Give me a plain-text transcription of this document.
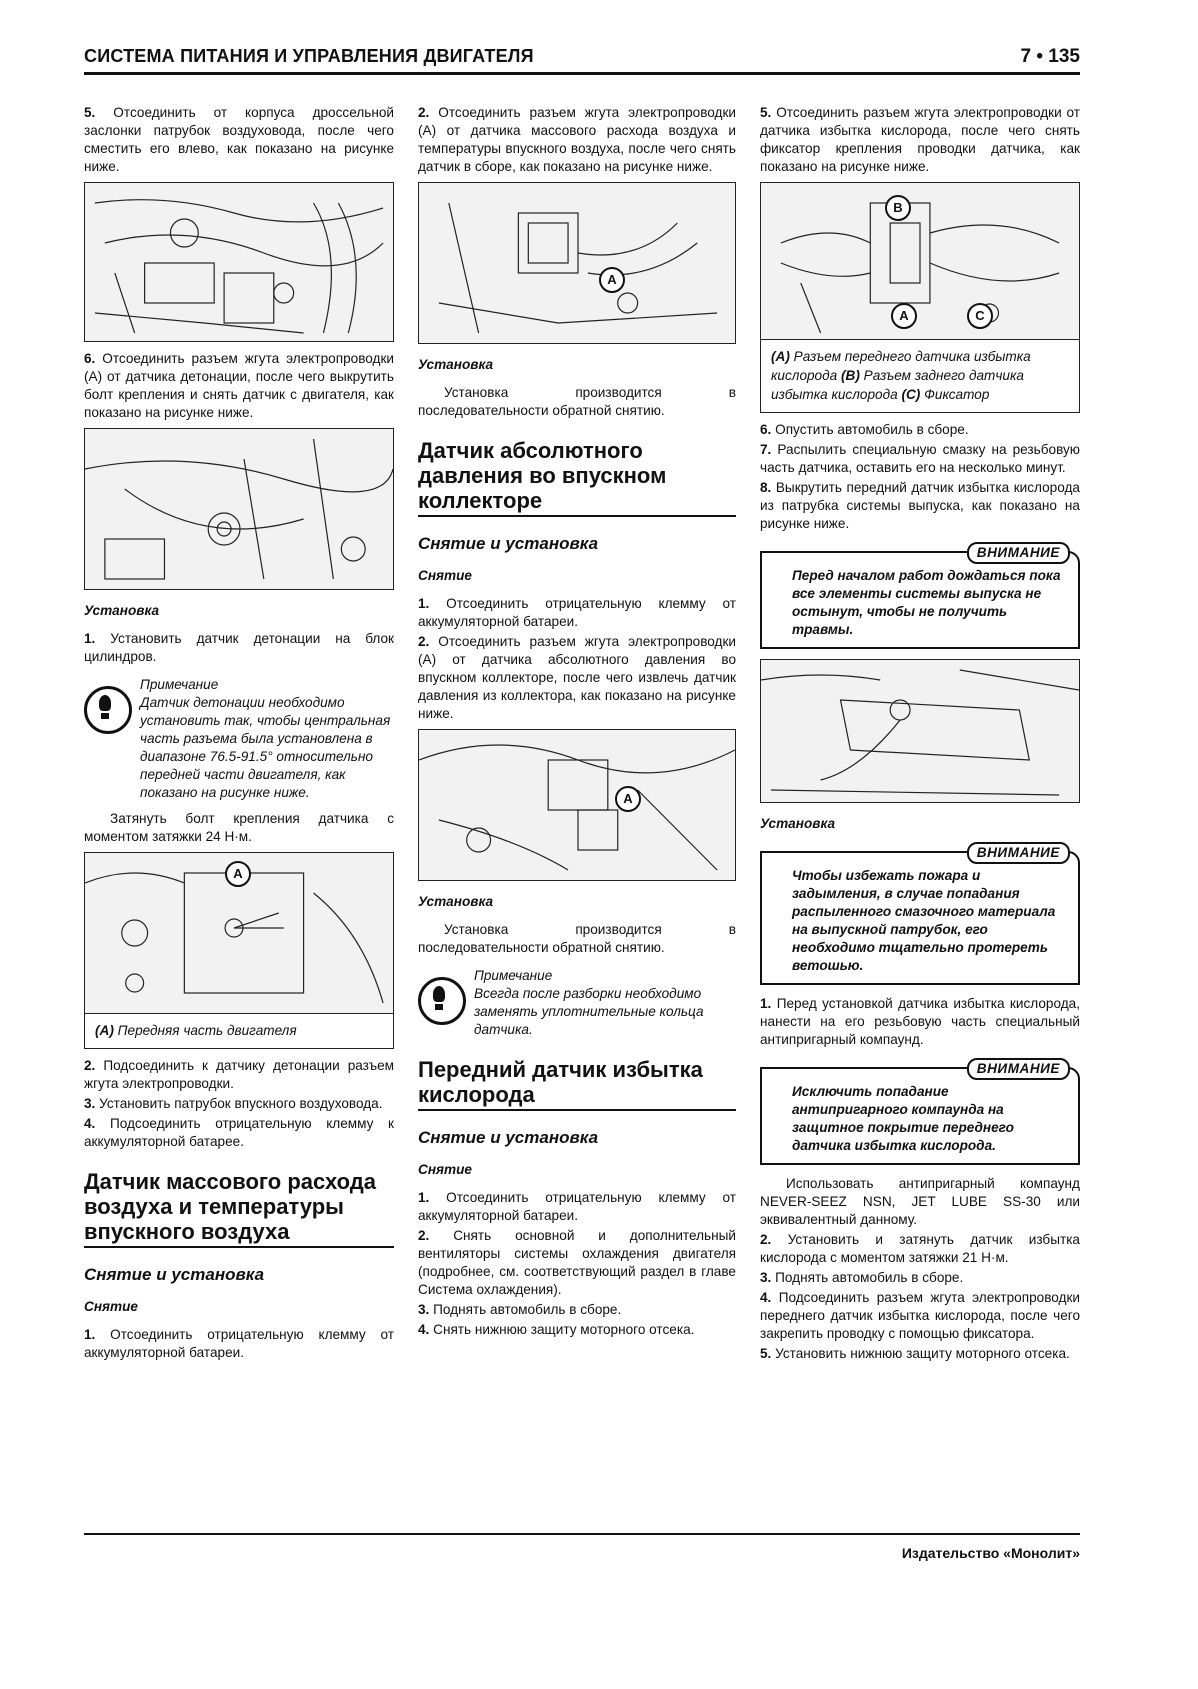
СИСТЕМА ПИТАНИЯ И УПРАВЛЕНИЯ ДВИГАТЕЛЯ	7 • 135

5. Отсоединить от корпуса дроссельной заслонки патрубок воздуховода, после чего сместить его влево, как показано на рисунке ниже.

6. Отсоединить разъем жгута электропроводки (А) от датчика детонации, после чего выкрутить болт крепления и снять датчик с двигателя, как показано на рисунке ниже.

Установка

1. Установить датчик детонации на блок цилиндров.

Примечание
Датчик детонации необходимо установить так, чтобы центральная часть разъема была установлена в диапазоне 76.5-91.5° относительно передней части двигателя, как показано на рисунке ниже.

Затянуть болт крепления датчика с моментом затяжки 24 Н·м.

A
(А) Передняя часть двигателя

2. Подсоединить к датчику детонации разъем жгута электропроводки.

3. Установить патрубок впускного воздуховода.

4. Подсоединить отрицательную клемму к аккумуляторной батарее.

Датчик массового расхода воздуха и температуры впускного воздуха
Снятие и установка
Снятие

1. Отсоединить отрицательную клемму от аккумуляторной батареи.

2. Отсоединить разъем жгута электропроводки (А) от датчика массового расхода воздуха и температуры впускного воздуха, после чего снять датчик в сборе, как показано на рисунке ниже.

A
Установка

Установка производится в последовательности обратной снятию.

Датчик абсолютного давления во впускном коллекторе
Снятие и установка
Снятие

1. Отсоединить отрицательную клемму от аккумуляторной батареи.

2. Отсоединить разъем жгута электропроводки (А) от датчика абсолютного давления во впускном коллекторе, после чего извлечь датчик давления из коллектора, как показано на рисунке ниже.

A
Установка

Установка производится в последовательности обратной снятию.

Примечание
Всегда после разборки необходимо заменять уплотнительные кольца датчика.
Передний датчик избытка кислорода
Снятие и установка
Снятие

1. Отсоединить отрицательную клемму от аккумуляторной батареи.

2. Снять основной и дополнительный вентиляторы системы охлаждения двигателя (подробнее, см. соответствующий раздел в главе Система охлаждения).

3. Поднять автомобиль в сборе.

4. Снять нижнюю защиту моторного отсека.

5. Отсоединить разъем жгута электропроводки от датчика избытка кислорода, после чего снять фиксатор крепления проводки датчика, как показано на рисунке ниже.

B
A	C
(А) Разъем переднего датчика избытка кислорода (В) Разъем заднего датчика избытка кислорода (С) Фиксатор

6. Опустить автомобиль в сборе.

7. Распылить специальную смазку на резьбовую часть датчика, оставить его на несколько минут.

8. Выкрутить передний датчик избытка кислорода из патрубка системы выпуска, как показано на рисунке ниже.

ВНИМАНИЕ
Перед началом работ дождаться пока все элементы системы выпуска не остынут, чтобы не получить травмы.
Установка
ВНИМАНИЕ
Чтобы избежать пожара и задымления, в случае попадания распыленного смазочного материала на выпускной патрубок, его необходимо тщательно протереть ветошью.

1. Перед установкой датчика избытка кислорода, нанести на его резьбовую часть специальный антипригарный компаунд.

ВНИМАНИЕ
Исключить попадание антипригарного компаунда на защитное покрытие переднего датчика избытка кислорода.

Использовать антипригарный компаунд NEVER-SEEZ NSN, JET LUBE SS-30 или эквивалентный данному.

2. Установить и затянуть датчик избытка кислорода с моментом затяжки 21 Н·м.

3. Поднять автомобиль в сборе.

4. Подсоединить разъем жгута электропроводки переднего датчик избытка кислорода, после чего закрепить проводку с помощью фиксатора.

5. Установить нижнюю защиту моторного отсека.

Издательство «Монолит»
